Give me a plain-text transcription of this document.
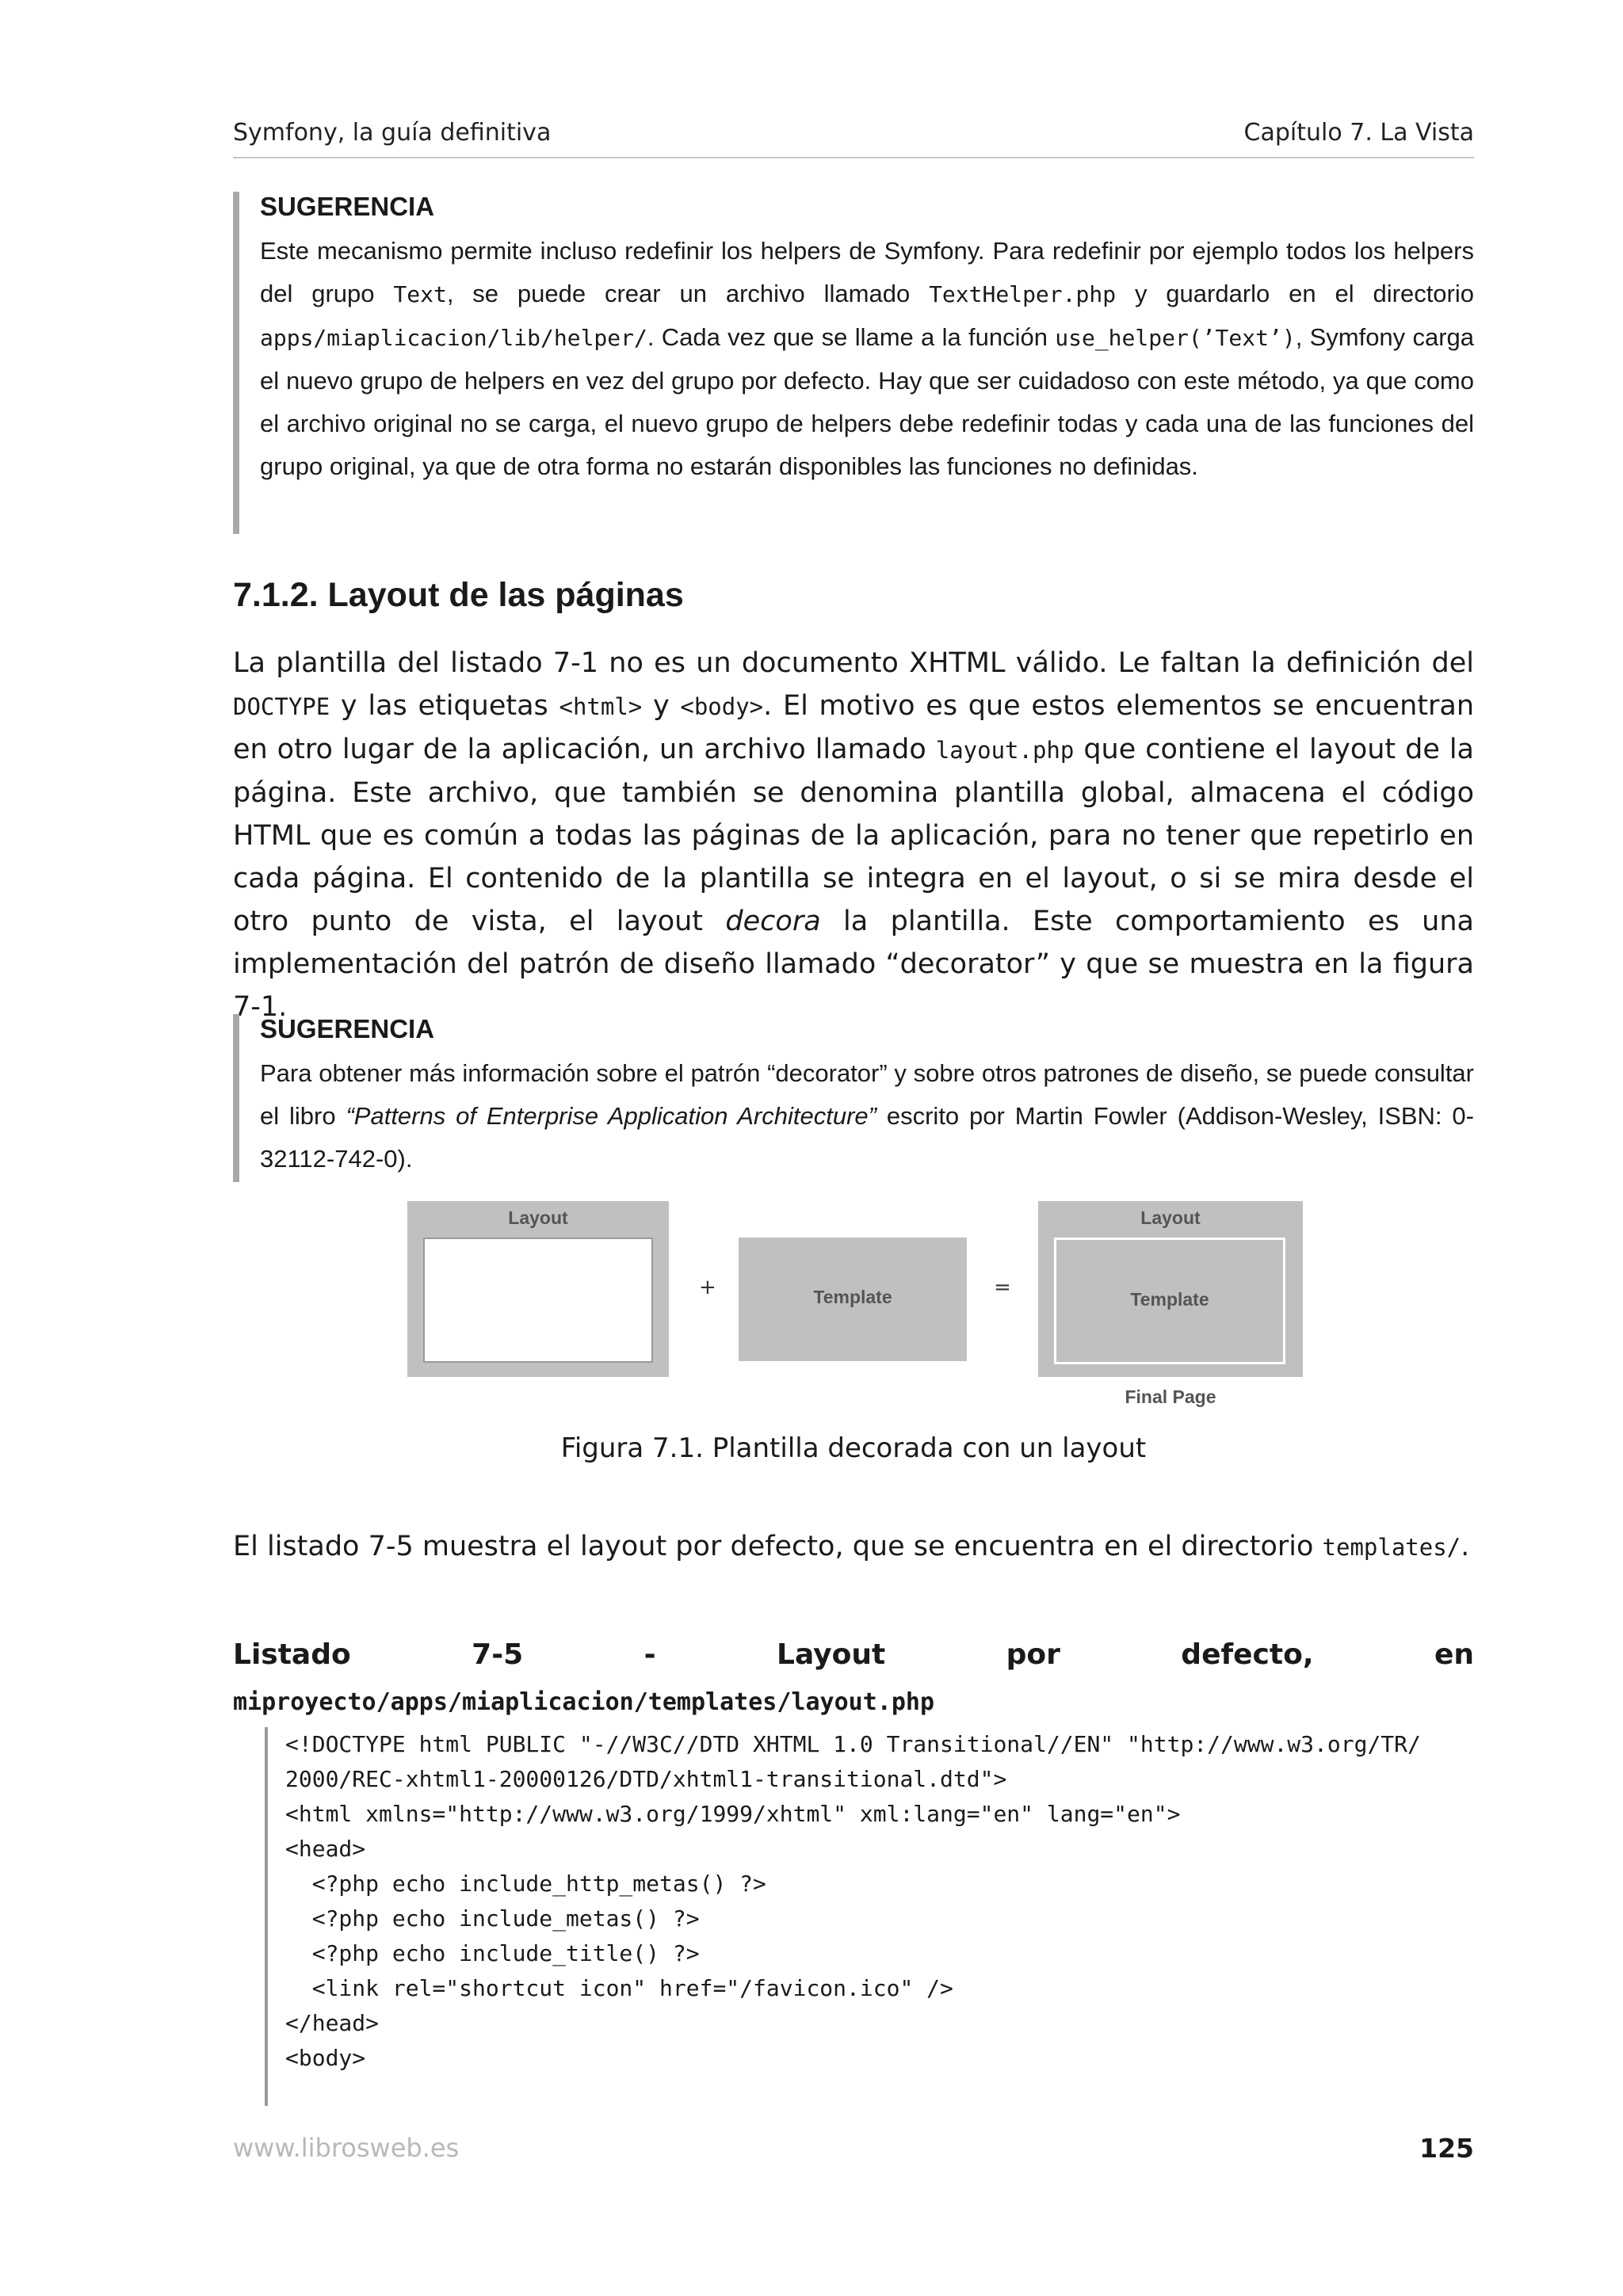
Symfony, la guía definitiva	Capítulo 7. La Vista
SUGERENCIA

Este mecanismo permite incluso redefinir los helpers de Symfony. Para redefinir por ejemplo todos los helpers del grupo Text, se puede crear un archivo llamado TextHelper.php y guardarlo en el directorio apps/miaplicacion/lib/helper/. Cada vez que se llame a la función use_helper(’Text’), Symfony carga el nuevo grupo de helpers en vez del grupo por defecto. Hay que ser cuidadoso con este método, ya que como el archivo original no se carga, el nuevo grupo de helpers debe redefinir todas y cada una de las funciones del grupo original, ya que de otra forma no estarán disponibles las funciones no definidas.

7.1.2. Layout de las páginas
La plantilla del listado 7-1 no es un documento XHTML válido. Le faltan la definición del DOCTYPE y las etiquetas <html> y <body>. El motivo es que estos elementos se encuentran en otro lugar de la aplicación, un archivo llamado layout.php que contiene el layout de la página. Este archivo, que también se denomina plantilla global, almacena el código HTML que es común a todas las páginas de la aplicación, para no tener que repetirlo en cada página. El contenido de la plantilla se integra en el layout, o si se mira desde el otro punto de vista, el layout decora la plantilla. Este comportamiento es una implementación del patrón de diseño llamado “decorator” y que se muestra en la figura 7-1.
SUGERENCIA

Para obtener más información sobre el patrón “decorator” y sobre otros patrones de diseño, se puede consultar el libro “Patterns of Enterprise Application Architecture” escrito por Martin Fowler (Addison-Wesley, ISBN: 0-32112-742-0).

Layout
+	Template	=
Layout
Template
Final Page
Figura 7.1. Plantilla decorada con un layout
El listado 7-5 muestra el layout por defecto, que se encuentra en el directorio templates/.
Listado 7-5 - Layout por defecto, en miproyecto/apps/miaplicacion/templates/layout.php
<!DOCTYPE html PUBLIC "-//W3C//DTD XHTML 1.0 Transitional//EN" "http://www.w3.org/TR/
2000/REC-xhtml1-20000126/DTD/xhtml1-transitional.dtd">
<html xmlns="http://www.w3.org/1999/xhtml" xml:lang="en" lang="en">
<head>
<?php echo include_http_metas() ?>
<?php echo include_metas() ?>
<?php echo include_title() ?>
<link rel="shortcut icon" href="/favicon.ico" />
</head>
<body>
www.librosweb.es	125
